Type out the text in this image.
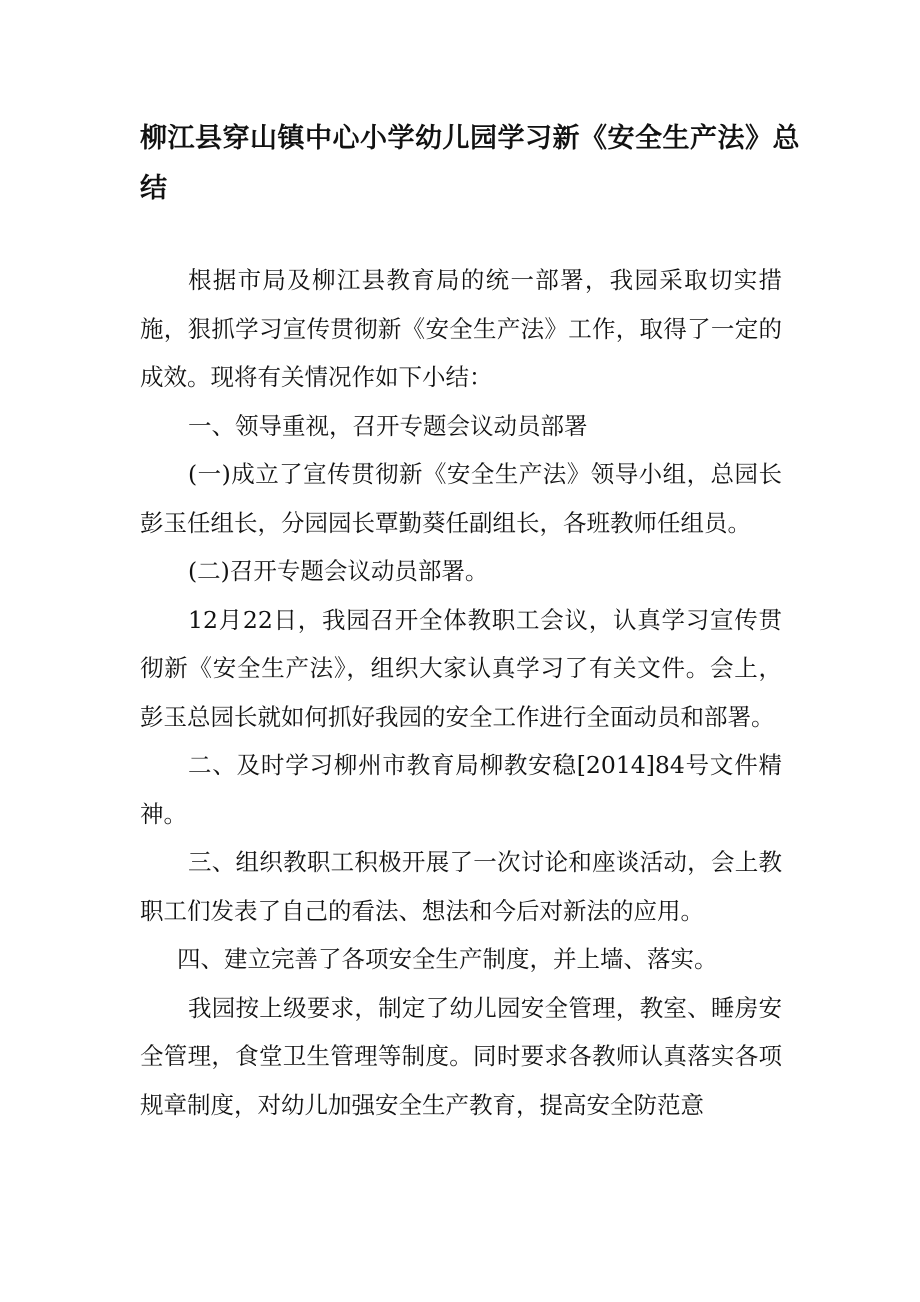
柳江县穿山镇中心小学幼儿园学习新《安全生产法》总结

根据市局及柳江县教育局的统一部署，我园采取切实措施，狠抓学习宣传贯彻新《安全生产法》工作，取得了一定的成效。现将有关情况作如下小结：

一、领导重视，召开专题会议动员部署

(一)成立了宣传贯彻新《安全生产法》领导小组，总园长彭玉任组长，分园园长覃勤葵任副组长，各班教师任组员。

(二)召开专题会议动员部署。

12月22日，我园召开全体教职工会议，认真学习宣传贯彻新《安全生产法》，组织大家认真学习了有关文件。会上，彭玉总园长就如何抓好我园的安全工作进行全面动员和部署。

二、及时学习柳州市教育局柳教安稳[2014]84号文件精神。

三、组织教职工积极开展了一次讨论和座谈活动，会上教职工们发表了自己的看法、想法和今后对新法的应用。

四、建立完善了各项安全生产制度，并上墙、落实。

我园按上级要求，制定了幼儿园安全管理，教室、睡房安全管理，食堂卫生管理等制度。同时要求各教师认真落实各项规章制度，对幼儿加强安全生产教育，提高安全防范意
